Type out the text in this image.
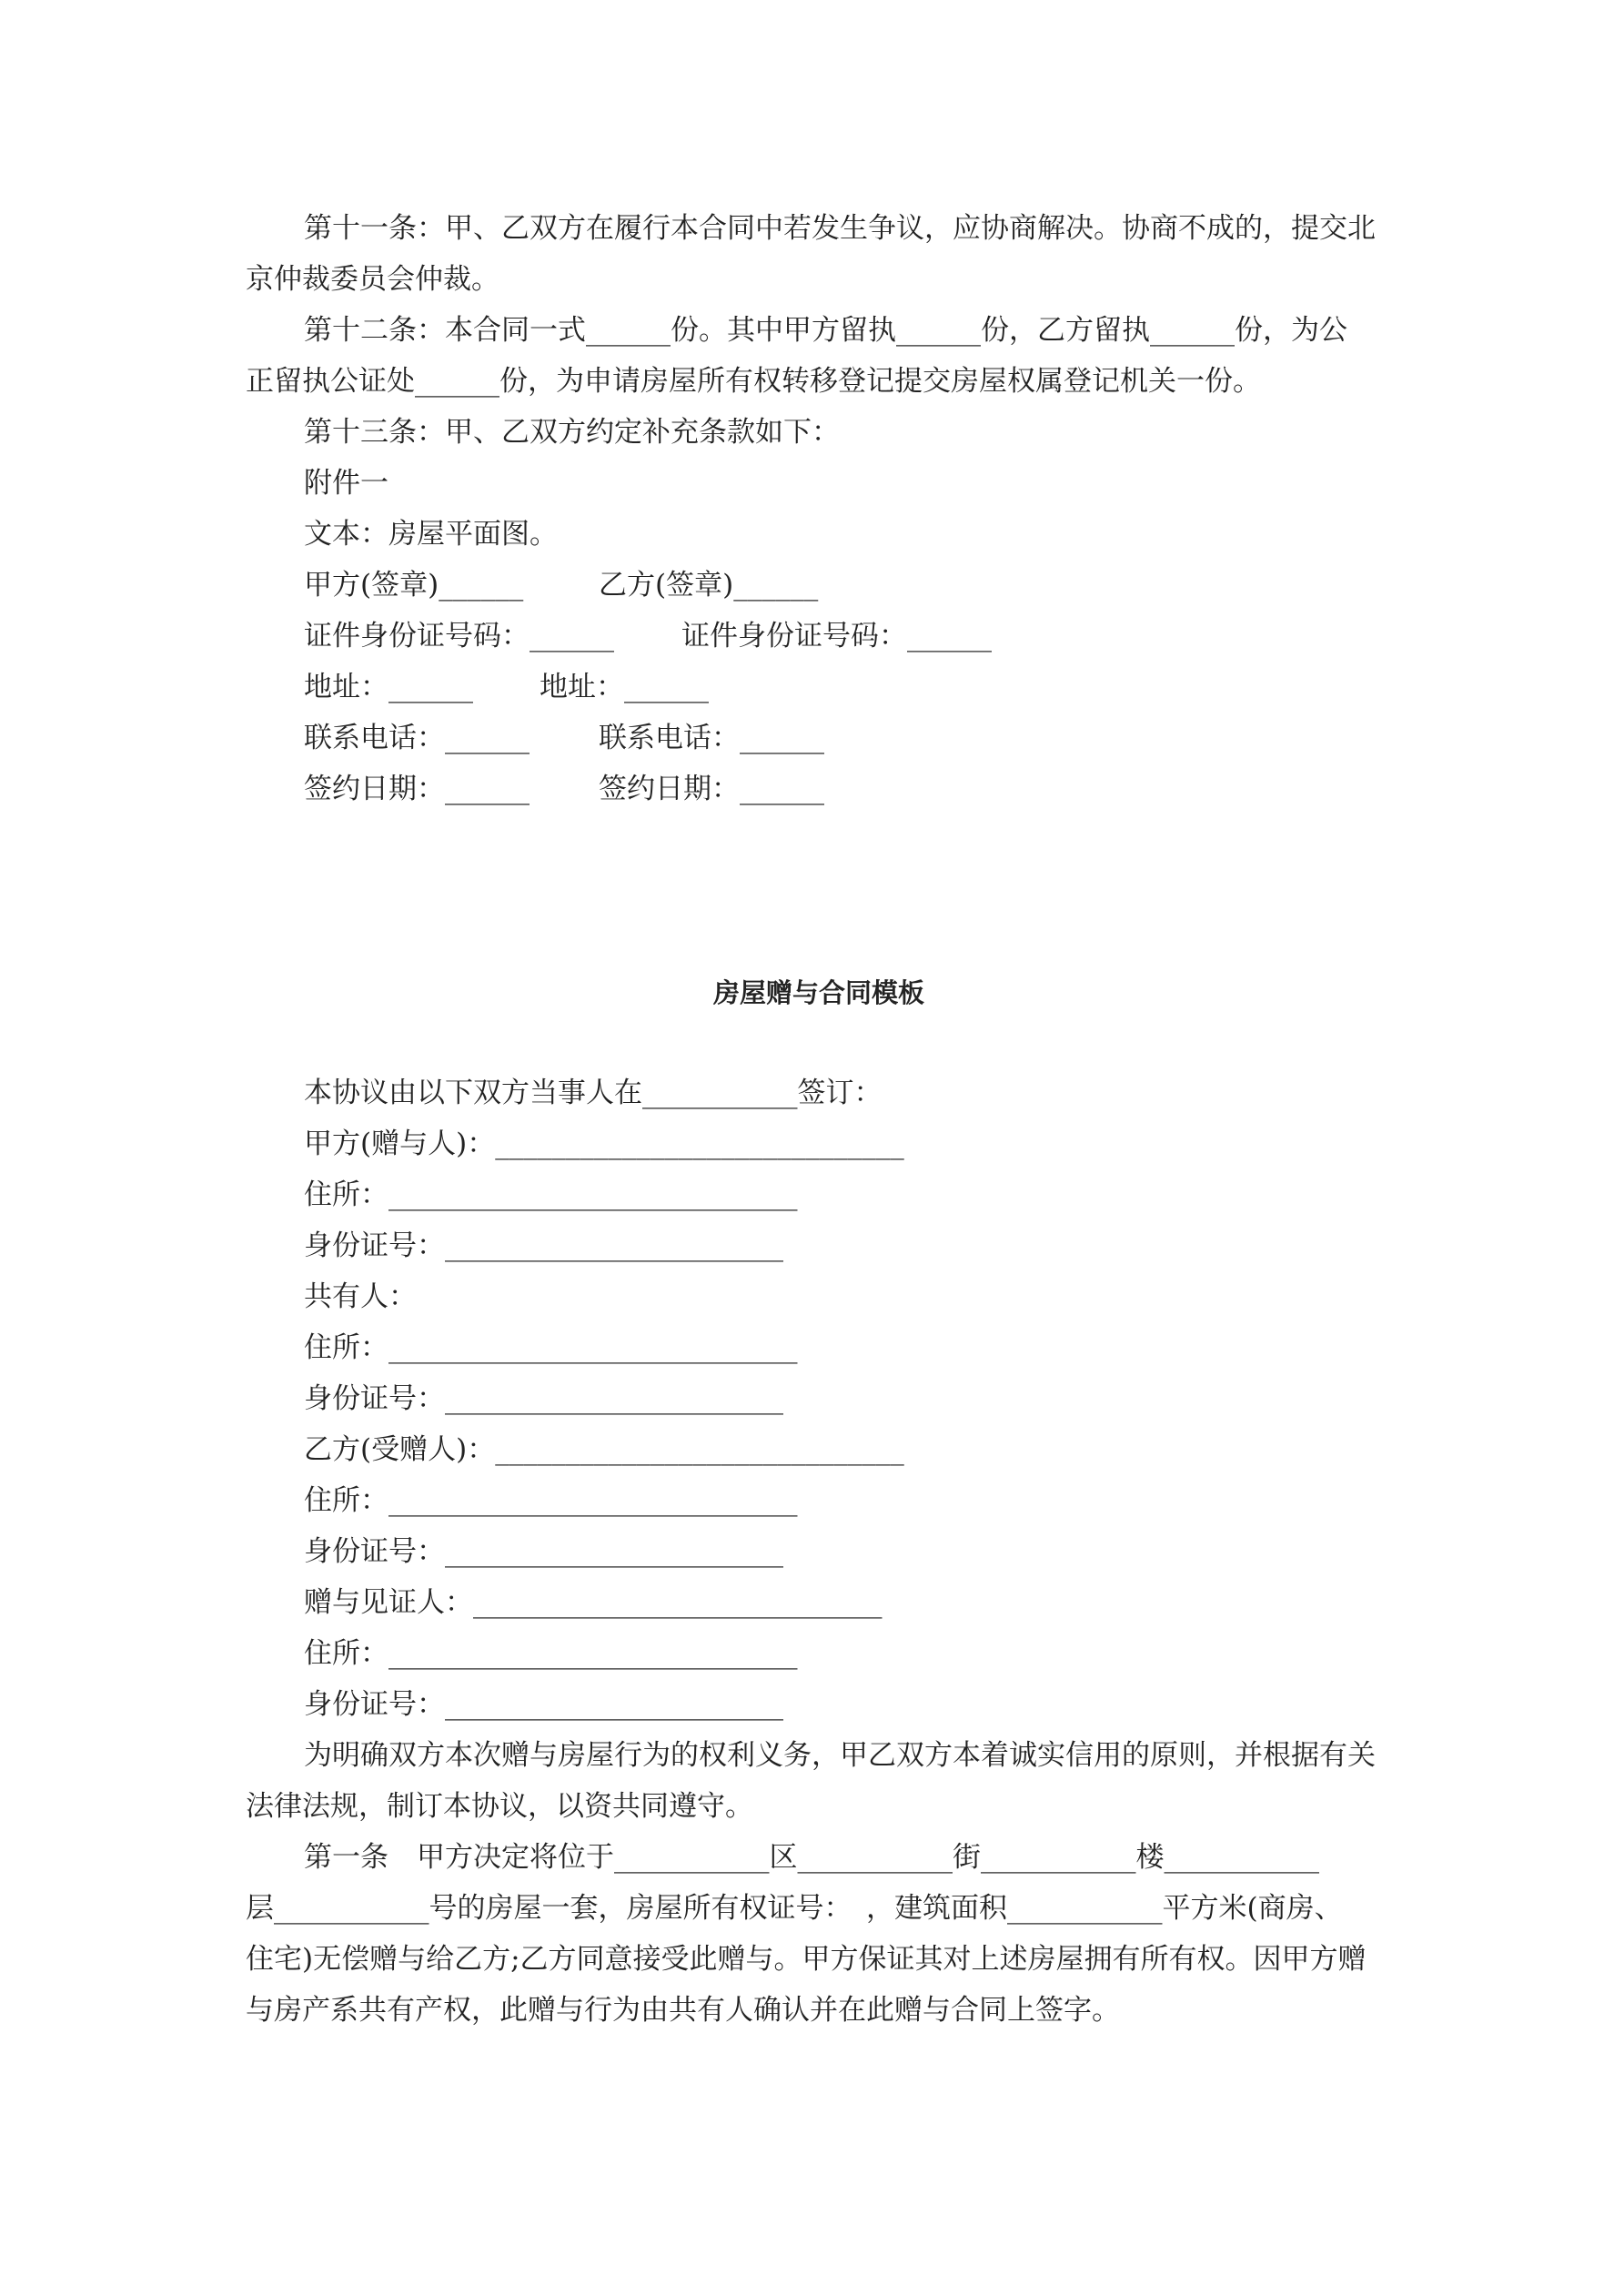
第十一条：甲、乙双方在履行本合同中若发生争议，应协商解决。协商不成的，提交北

京仲裁委员会仲裁。

第十二条：本合同一式______份。其中甲方留执______份，乙方留执______份，为公

正留执公证处______份，为申请房屋所有权转移登记提交房屋权属登记机关一份。

第十三条：甲、乙双方约定补充条款如下：

附件一

文本：房屋平面图。

甲方(签章)______	乙方(签章)______
证件身份证号码：______	证件身份证号码：______
地址：______	地址：______
联系电话：______	联系电话：______
签约日期：______	签约日期：______

房屋赠与合同模板

本协议由以下双方当事人在___________签订：

甲方(赠与人)：_____________________________

住所：_____________________________

身份证号：________________________

共有人：

住所：_____________________________

身份证号：________________________

乙方(受赠人)：_____________________________

住所：_____________________________

身份证号：________________________

赠与见证人：_____________________________

住所：_____________________________

身份证号：________________________

为明确双方本次赠与房屋行为的权利义务，甲乙双方本着诚实信用的原则，并根据有关

法律法规，制订本协议，以资共同遵守。

第一条　甲方决定将位于___________区___________街___________楼___________

层___________号的房屋一套，房屋所有权证号：　，建筑面积___________平方米(商房、

住宅)无偿赠与给乙方;乙方同意接受此赠与。甲方保证其对上述房屋拥有所有权。因甲方赠

与房产系共有产权，此赠与行为由共有人确认并在此赠与合同上签字。
